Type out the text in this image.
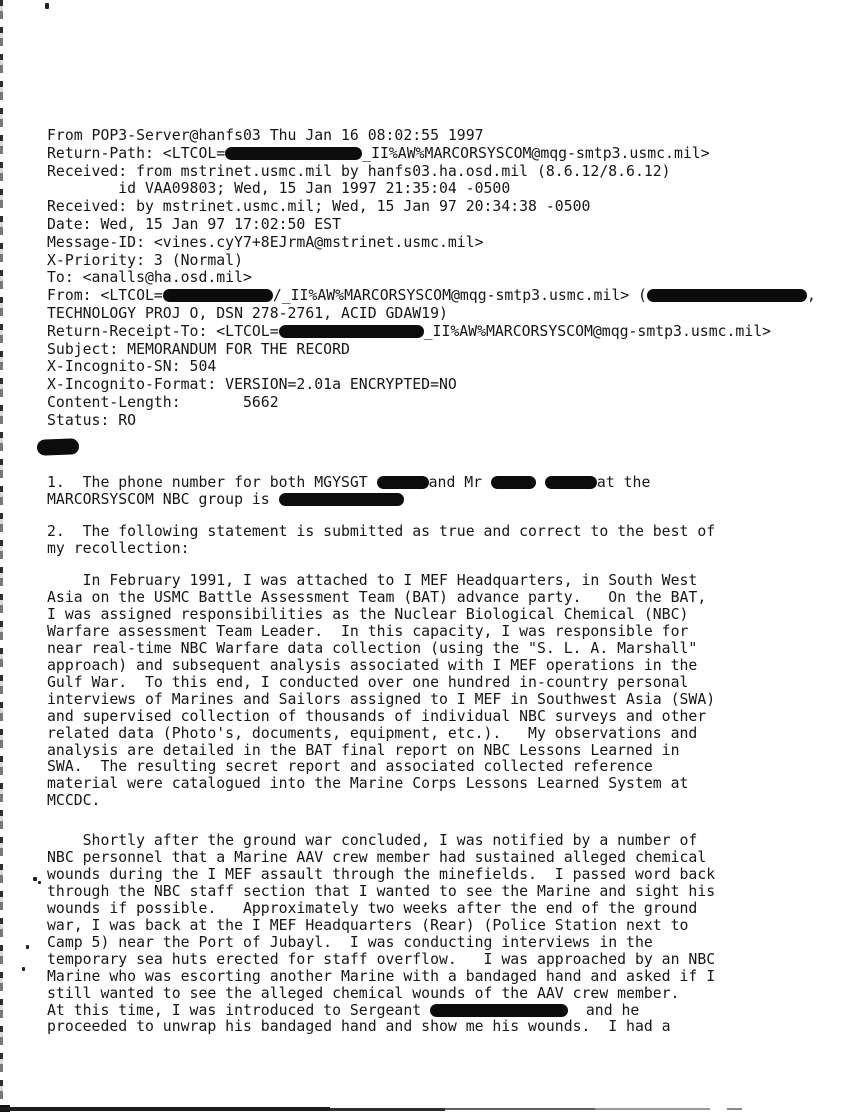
From POP3-Server@hanfs03 Thu Jan 16 08:02:55 1997
Return-Path: <LTCOL=	_II%AW%MARCORSYSCOM@mqg-smtp3.usmc.mil>
Received: from mstrinet.usmc.mil by hanfs03.ha.osd.mil (8.6.12/8.6.12)
id VAA09803; Wed, 15 Jan 1997 21:35:04 -0500
Received: by mstrinet.usmc.mil; Wed, 15 Jan 97 20:34:38 -0500
Date: Wed, 15 Jan 97 17:02:50 EST
Message-ID: <vines.cyY7+8EJrmA@mstrinet.usmc.mil>
X-Priority: 3 (Normal)
To: <analls@ha.osd.mil>
From: <LTCOL=	/_II%AW%MARCORSYSCOM@mqg-smtp3.usmc.mil> (	,
TECHNOLOGY PROJ O, DSN 278-2761, ACID GDAW19)
Return-Receipt-To: <LTCOL=	_II%AW%MARCORSYSCOM@mqg-smtp3.usmc.mil>
Subject: MEMORANDUM FOR THE RECORD
X-Incognito-SN: 504
X-Incognito-Format: VERSION=2.01a ENCRYPTED=NO
Content-Length:       5662
Status: RO
1.  The phone number for both MGYSGT	and Mr	at the
MARCORSYSCOM NBC group is
2.  The following statement is submitted as true and correct to the best of
my recollection:
In February 1991, I was attached to I MEF Headquarters, in South West
Asia on the USMC Battle Assessment Team (BAT) advance party.   On the BAT,
I was assigned responsibilities as the Nuclear Biological Chemical (NBC)
Warfare assessment Team Leader.  In this capacity, I was responsible for
near real-time NBC Warfare data collection (using the "S. L. A. Marshall"
approach) and subsequent analysis associated with I MEF operations in the
Gulf War.  To this end, I conducted over one hundred in-country personal
interviews of Marines and Sailors assigned to I MEF in Southwest Asia (SWA)
and supervised collection of thousands of individual NBC surveys and other
related data (Photo's, documents, equipment, etc.).   My observations and
analysis are detailed in the BAT final report on NBC Lessons Learned in
SWA.  The resulting secret report and associated collected reference
material were catalogued into the Marine Corps Lessons Learned System at
MCCDC.
Shortly after the ground war concluded, I was notified by a number of
NBC personnel that a Marine AAV crew member had sustained alleged chemical
wounds during the I MEF assault through the minefields.  I passed word back
through the NBC staff section that I wanted to see the Marine and sight his
wounds if possible.   Approximately two weeks after the end of the ground
war, I was back at the I MEF Headquarters (Rear) (Police Station next to
Camp 5) near the Port of Jubayl.  I was conducting interviews in the
temporary sea huts erected for staff overflow.   I was approached by an NBC
Marine who was escorting another Marine with a bandaged hand and asked if I
still wanted to see the alleged chemical wounds of the AAV crew member.
At this time, I was introduced to Sergeant	and he
proceeded to unwrap his bandaged hand and show me his wounds.  I had a
